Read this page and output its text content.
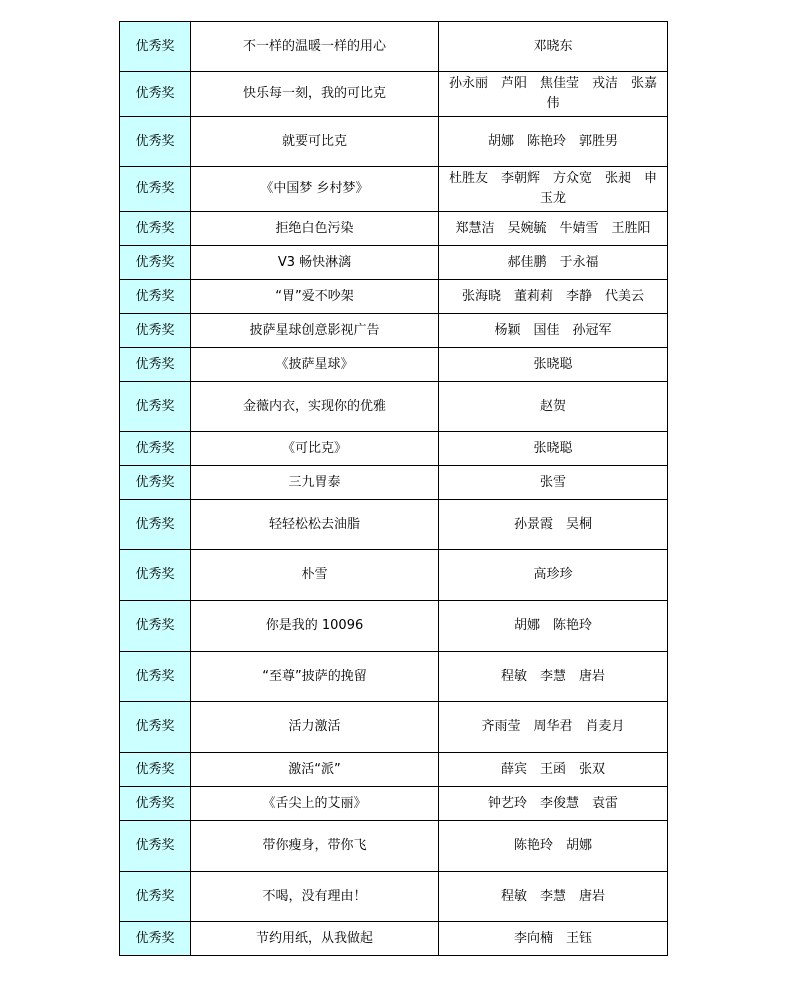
优秀奖	不一样的温暖一样的用心	邓晓东
优秀奖	快乐每一刻，我的可比克	孙永丽　芦阳　焦佳莹　戎洁　张嘉伟
优秀奖	就要可比克	胡娜　陈艳玲　郭胜男
优秀奖	《中国梦 乡村梦》	杜胜友　李朝辉　方众宽　张昶　申玉龙
优秀奖	拒绝白色污染	郑慧洁　吴婉毓　牛婧雪　王胜阳
优秀奖	V3 畅快淋漓	郝佳鹏　于永福
优秀奖	“胃”爱不吵架	张海晓　董莉莉　李静　代美云
优秀奖	披萨星球创意影视广告	杨颖　国佳　孙冠军
优秀奖	《披萨星球》	张晓聪
优秀奖	金薇内衣，实现你的优雅	赵贺
优秀奖	《可比克》	张晓聪
优秀奖	三九胃泰	张雪
优秀奖	轻轻松松去油脂	孙景霞　吴桐
优秀奖	朴雪	高珍珍
优秀奖	你是我的 10096	胡娜　陈艳玲
优秀奖	“至尊”披萨的挽留	程敏　李慧　唐岩
优秀奖	活力激活	齐雨莹　周华君　肖麦月
优秀奖	激活“派”	薛宾　王函　张双
优秀奖	《舌尖上的艾丽》	钟艺玲　李俊慧　袁雷
优秀奖	带你瘦身，带你飞	陈艳玲　胡娜
优秀奖	不喝，没有理由！	程敏　李慧　唐岩
优秀奖	节约用纸，从我做起	李向楠　王钰
